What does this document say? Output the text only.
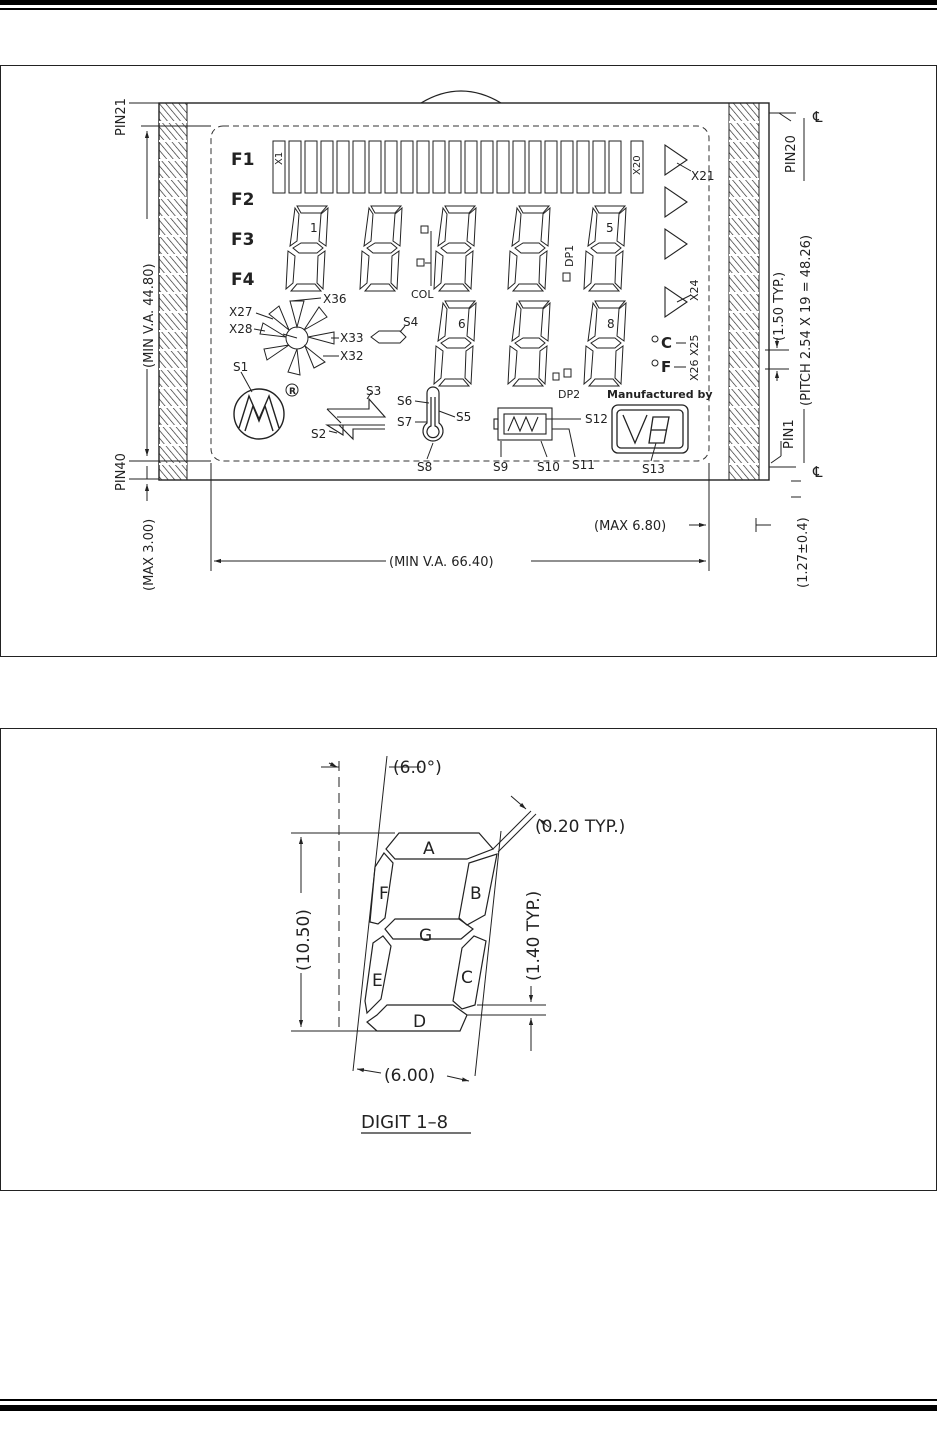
F1
F2
F3
F4
X1	X20
X21
X24
C X25
F X26
1	5
COL
DP1
6	8
DP2
X36
X27
X28
X33
X32
S4
R
S1
S3
S2
S6
S5
S7
S8
S12
S9 S10 S11
Manufactured by
S13
PIN21
PIN40
(MIN V.A. 44.80)
(MAX 3.00)	(MIN V.A. 66.40)
(MAX 6.80)
℄
℄
PIN20
PIN1
(PITCH 2.54 X 19 = 48.26)
(1.50 TYP.)
(1.27±0.4)
A
B
F
G
C
E
D
(6.0°)
(0.20 TYP.)
(10.50)	(1.40 TYP.)
(6.00)
DIGIT 1–8
